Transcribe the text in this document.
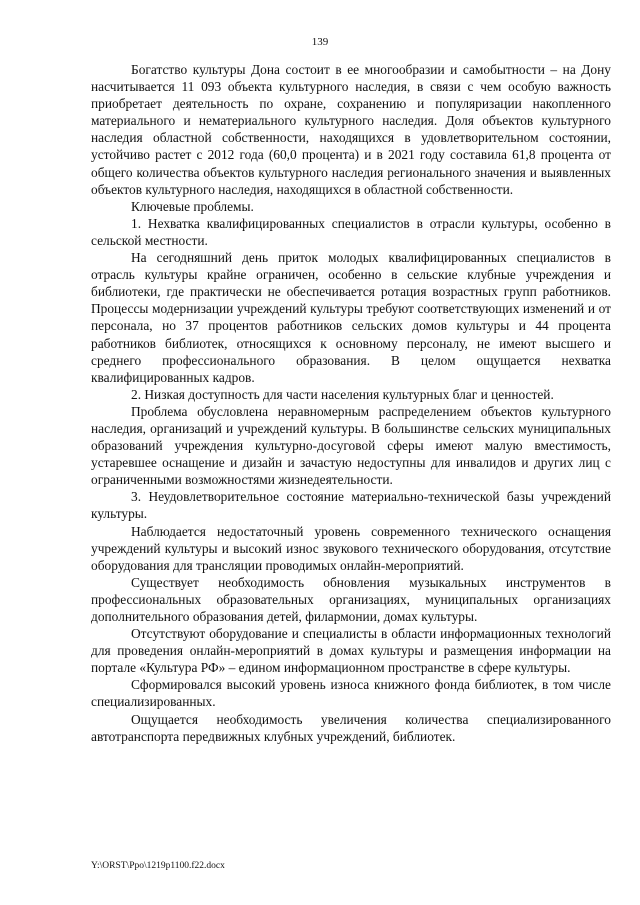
139

Богатство культуры Дона состоит в ее многообразии и самобытности – на Дону насчитывается 11 093 объекта культурного наследия, в связи с чем особую важность приобретает деятельность по охране, сохранению и популяризации накопленного материального и нематериального культурного наследия. Доля объектов культурного наследия областной собственности, находящихся в удовлетворительном состоянии, устойчиво растет с 2012 года (60,0 процента) и в 2021 году составила 61,8 процента от общего количества объектов культурного наследия регионального значения и выявленных объектов культурного наследия, находящихся в областной собственности.

Ключевые проблемы.

1. Нехватка квалифицированных специалистов в отрасли культуры, особенно в сельской местности.

На сегодняшний день приток молодых квалифицированных специалистов в отрасль культуры крайне ограничен, особенно в сельские клубные учреждения и библиотеки, где практически не обеспечивается ротация возрастных групп работников. Процессы модернизации учреждений культуры требуют соответствующих изменений и от персонала, но 37 процентов работников сельских домов культуры и 44 процента работников библиотек, относящихся к основному персоналу, не имеют высшего и среднего профессионального образования. В целом ощущается нехватка квалифицированных кадров.

2. Низкая доступность для части населения культурных благ и ценностей.

Проблема обусловлена неравномерным распределением объектов культурного наследия, организаций и учреждений культуры. В большинстве сельских муниципальных образований учреждения культурно-досуговой сферы имеют малую вместимость, устаревшее оснащение и дизайн и зачастую недоступны для инвалидов и других лиц с ограниченными возможностями жизнедеятельности.

3. Неудовлетворительное состояние материально-технической базы учреждений культуры.

Наблюдается недостаточный уровень современного технического оснащения учреждений культуры и высокий износ звукового технического оборудования, отсутствие оборудования для трансляции проводимых онлайн-мероприятий.

Существует необходимость обновления музыкальных инструментов в профессиональных образовательных организациях, муниципальных организациях дополнительного образования детей, филармонии, домах культуры.

Отсутствуют оборудование и специалисты в области информационных технологий для проведения онлайн-мероприятий в домах культуры и размещения информации на портале «Культура РФ» – едином информационном пространстве в сфере культуры.

Сформировался высокий уровень износа книжного фонда библиотек, в том числе специализированных.

Ощущается необходимость увеличения количества специализированного автотранспорта передвижных клубных учреждений, библиотек.

Y:\ORST\Ppo\1219p1100.f22.docx
